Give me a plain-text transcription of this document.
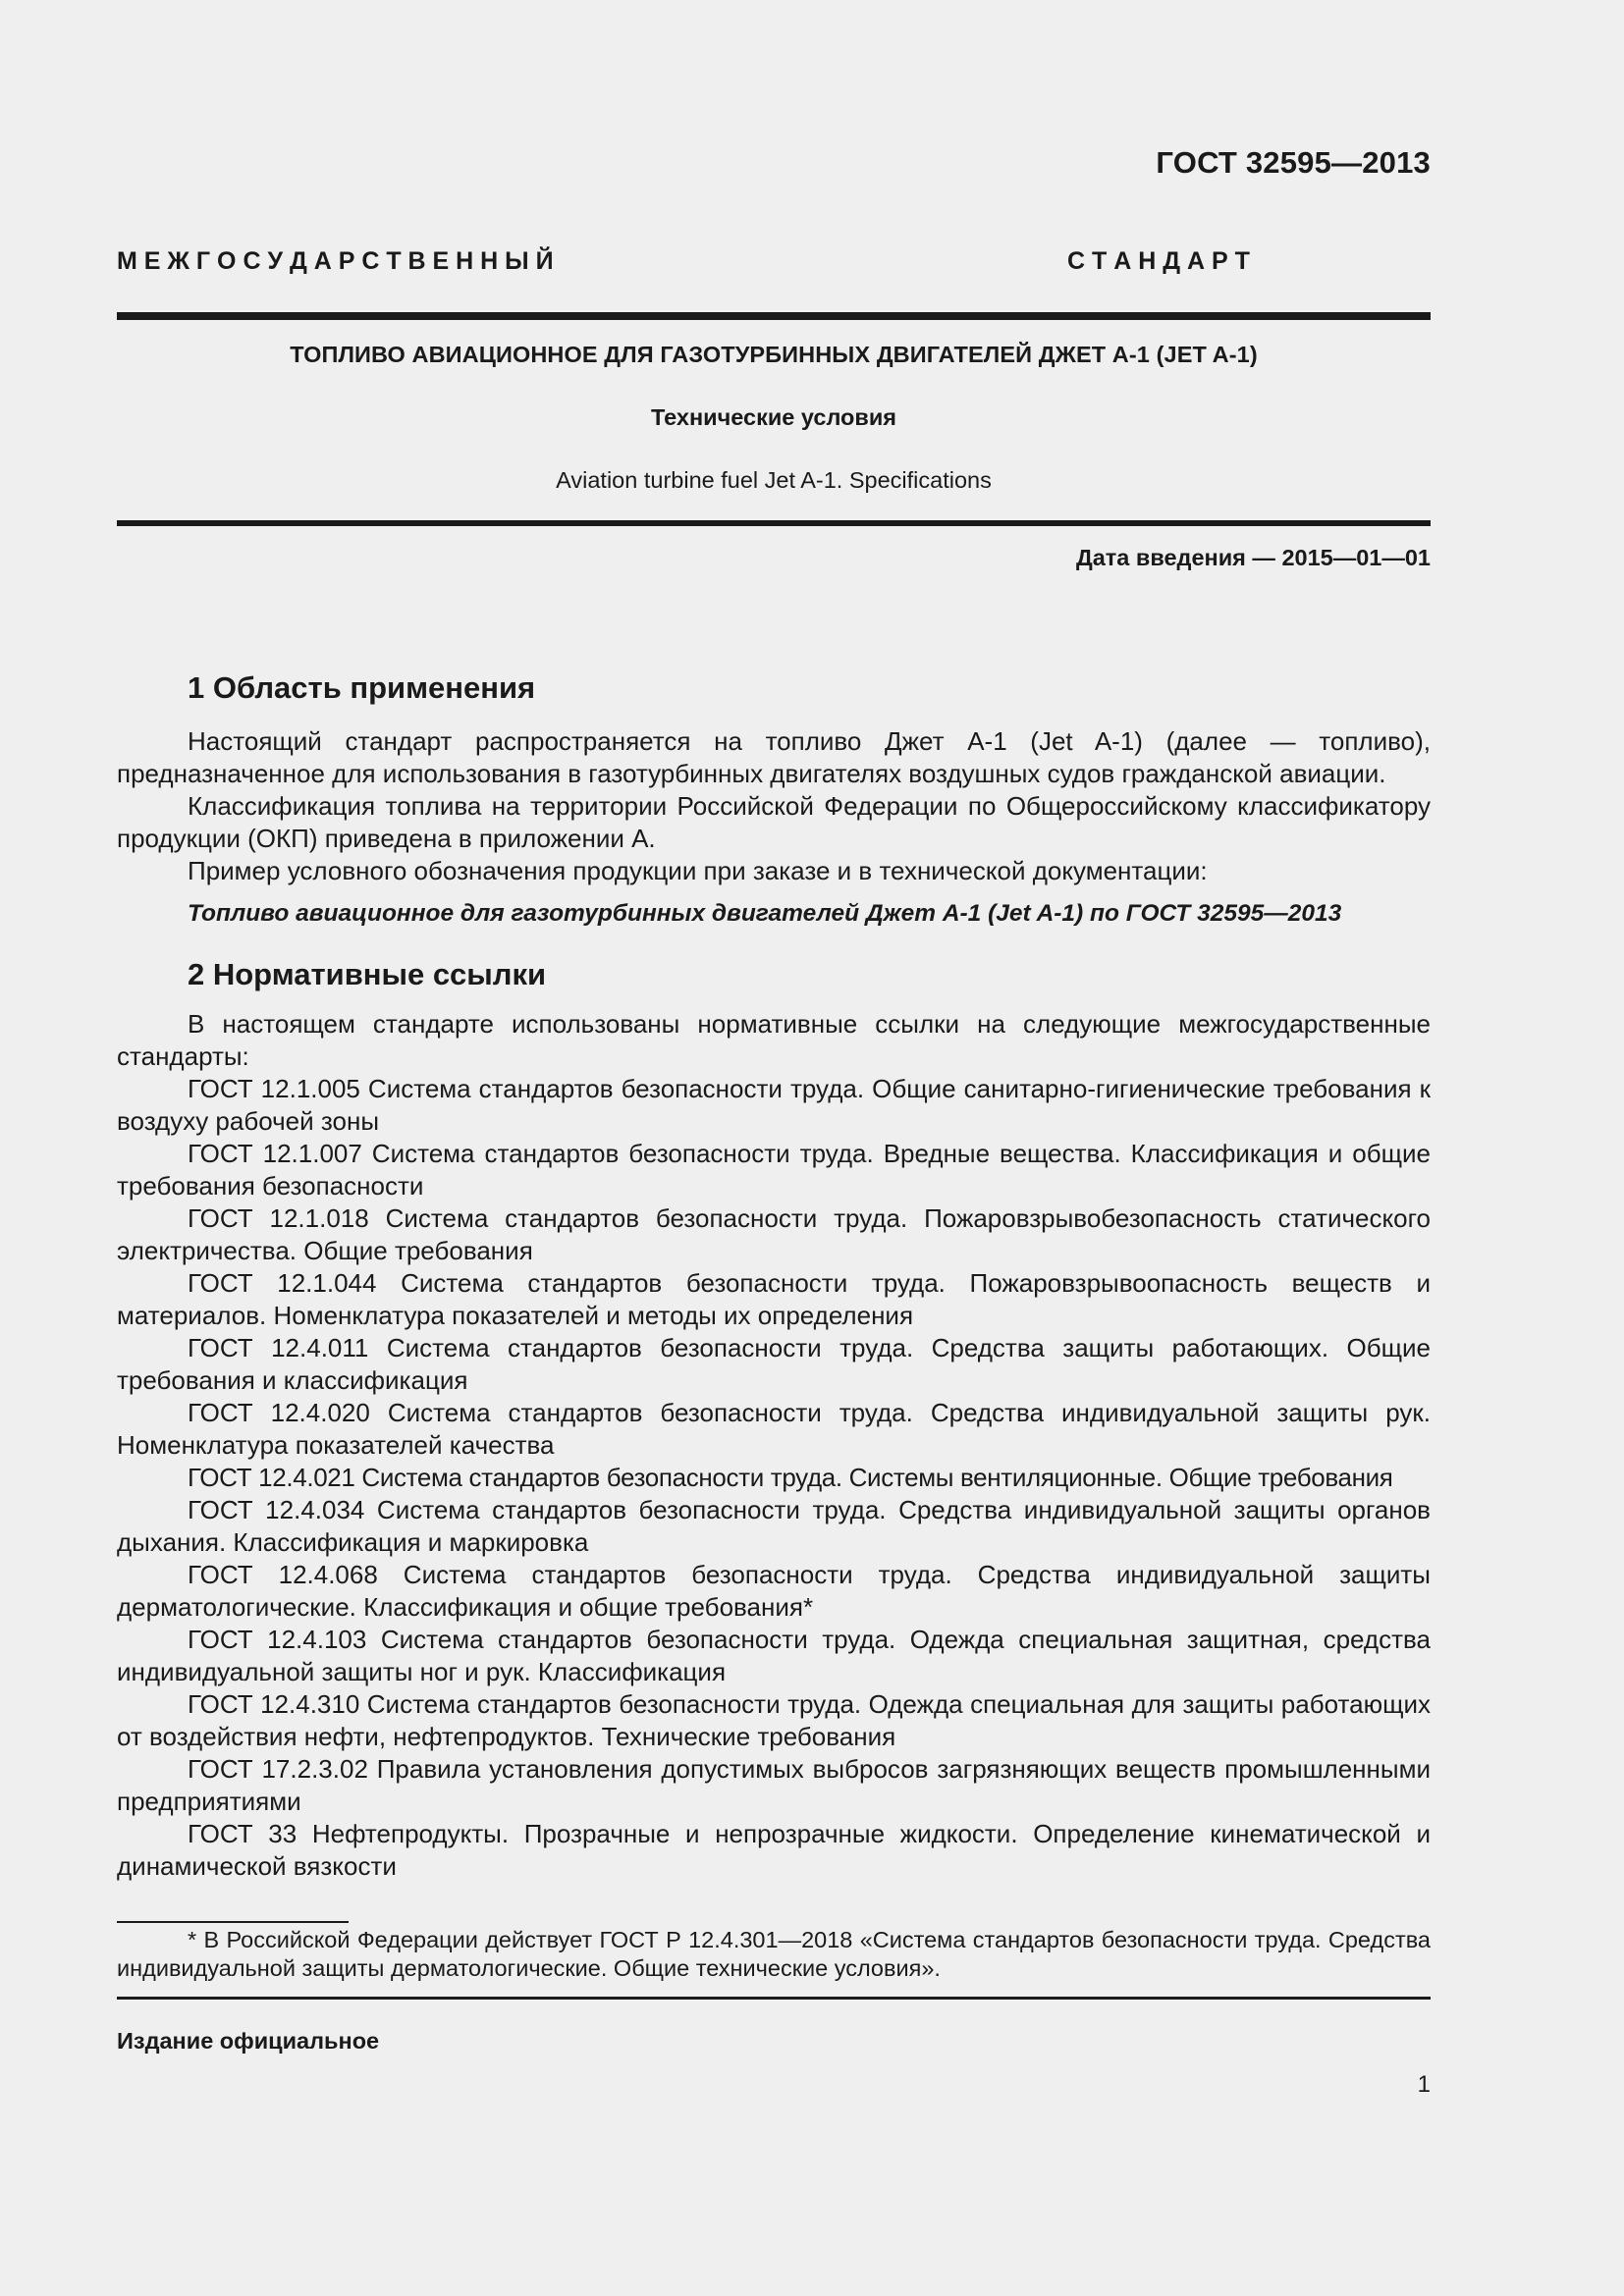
ГОСТ 32595—2013
М Е Ж Г О С У Д А Р С Т В Е Н Н Ы Й	С Т А Н Д А Р Т
ТОПЛИВО АВИАЦИОННОЕ ДЛЯ ГАЗОТУРБИННЫХ ДВИГАТЕЛЕЙ ДЖЕТ А-1 (JET A-1)
Технические условия
Aviation turbine fuel Jet A-1. Specifications
Дата введения — 2015—01—01
1 Область применения

Настоящий стандарт распространяется на топливо Джет А-1 (Jet A-1) (далее — топливо), предназначенное для использования в газотурбинных двигателях воздушных судов гражданской авиации.

Классификация топлива на территории Российской Федерации по Общероссийскому классификатору продукции (ОКП) приведена в приложении А.

Пример условного обозначения продукции при заказе и в технической документации:

Топливо авиационное для газотурбинных двигателей Джет А-1 (Jet A-1) по ГОСТ 32595—2013

2 Нормативные ссылки

В настоящем стандарте использованы нормативные ссылки на следующие межгосударственные стандарты:

ГОСТ 12.1.005 Система стандартов безопасности труда. Общие санитарно-гигиенические требования к воздуху рабочей зоны

ГОСТ 12.1.007 Система стандартов безопасности труда. Вредные вещества. Классификация и общие требования безопасности

ГОСТ 12.1.018 Система стандартов безопасности труда. Пожаровзрывобезопасность статического электричества. Общие требования

ГОСТ 12.1.044 Система стандартов безопасности труда. Пожаровзрывоопасность веществ и материалов. Номенклатура показателей и методы их определения

ГОСТ 12.4.011 Система стандартов безопасности труда. Средства защиты работающих. Общие требования и классификация

ГОСТ 12.4.020 Система стандартов безопасности труда. Средства индивидуальной защиты рук. Номенклатура показателей качества

ГОСТ 12.4.021 Система стандартов безопасности труда. Системы вентиляционные. Общие требования

ГОСТ 12.4.034 Система стандартов безопасности труда. Средства индивидуальной защиты органов дыхания. Классификация и маркировка

ГОСТ 12.4.068 Система стандартов безопасности труда. Средства индивидуальной защиты дерматологические. Классификация и общие требования*

ГОСТ 12.4.103 Система стандартов безопасности труда. Одежда специальная защитная, средства индивидуальной защиты ног и рук. Классификация

ГОСТ 12.4.310 Система стандартов безопасности труда. Одежда специальная для защиты работающих от воздействия нефти, нефтепродуктов. Технические требования

ГОСТ 17.2.3.02 Правила установления допустимых выбросов загрязняющих веществ промышленными предприятиями

ГОСТ 33 Нефтепродукты. Прозрачные и непрозрачные жидкости. Определение кинематической и динамической вязкости

* В Российской Федерации действует ГОСТ Р 12.4.301—2018 «Система стандартов безопасности труда. Средства индивидуальной защиты дерматологические. Общие технические условия».

Издание официальное
1
